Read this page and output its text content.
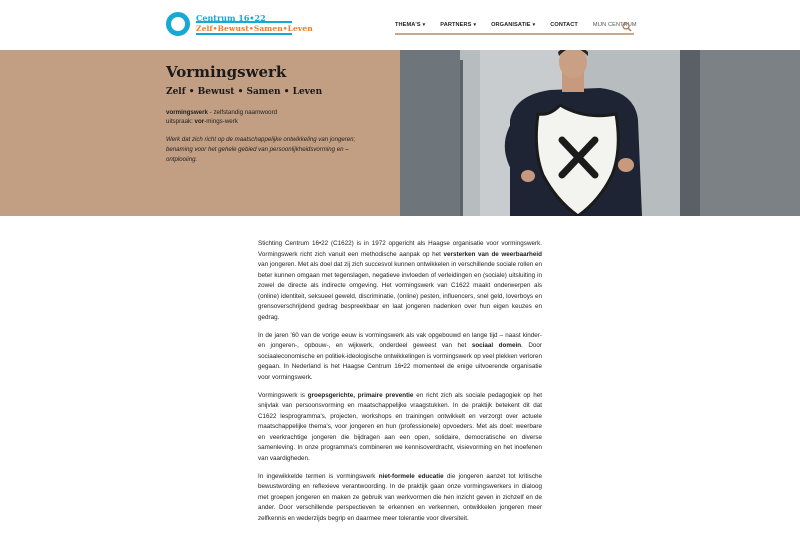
Centrum 16•22
Zelf•Bewust•Samen•Leven	THEMA'S ▾	PARTNERS ▾	ORGANISATIE ▾	CONTACT	MIJN CENTRUM
Vormingswerk
Zelf • Bewust • Samen • Leven
vormingswerk - zelfstandig naamwoord
uitspraak: vor-mings-werk
Werk dat zich richt op de maatschappelijke ontwikkeling van jongeren; benaming voor het gehele gebied van persoonlijkheidsvorming en –ontplooiing.

Stichting Centrum 16•22 (C1622) is in 1972 opgericht als Haagse organisatie voor vormingswerk. Vormingswerk richt zich vanuit een methodische aanpak op het versterken van de weerbaarheid van jongeren. Met als doel dat zij zich succesvol kunnen ontwikkelen in verschillende sociale rollen en beter kunnen omgaan met tegenslagen, negatieve invloeden of verleidingen en (sociale) uitsluiting in zowel de directe als indirecte omgeving. Het vormingswerk van C1622 maakt onderwerpen als (online) identiteit, seksueel geweld, discriminatie, (online) pesten, influencers, snel geld, loverboys en grensoverschrijdend gedrag bespreekbaar en laat jongeren nadenken over hun eigen keuzes en gedrag.

In de jaren '60 van de vorige eeuw is vormingswerk als vak opgebouwd en lange tijd – naast kinder- en jongeren-, opbouw-, en wijkwerk, onderdeel geweest van het sociaal domein. Door sociaaleconomische en politiek-ideologische ontwikkelingen is vormingswerk op veel plekken verloren gegaan. In Nederland is het Haagse Centrum 16•22 momenteel de enige uitvoerende organisatie voor vormingswerk.

Vormingswerk is groepsgerichte, primaire preventie en richt zich als sociale pedagogiek op het snijvlak van persoonsvorming en maatschappelijke vraagstukken. In de praktijk betekent dit dat C1622 lesprogramma's, projecten, workshops en trainingen ontwikkelt en verzorgt over actuele maatschappelijke thema's, voor jongeren en hun (professionele) opvoeders. Met als doel: weerbare en veerkrachtige jongeren die bijdragen aan een open, solidaire, democratische en diverse samenleving. In onze programma's combineren we kennisoverdracht, visievorming en het inoefenen van vaardigheden.

In ingewikkelde termen is vormingswerk niet-formele educatie die jongeren aanzet tot kritische bewustwording en reflexieve verantwoording. In de praktijk gaan onze vormingswerkers in dialoog met groepen jongeren en maken ze gebruik van werkvormen die hen inzicht geven in zichzelf en de ander. Door verschillende perspectieven te erkennen en verkennen, ontwikkelen jongeren meer zelfkennis en wederzijds begrip en daarmee meer tolerantie voor diversiteit.
